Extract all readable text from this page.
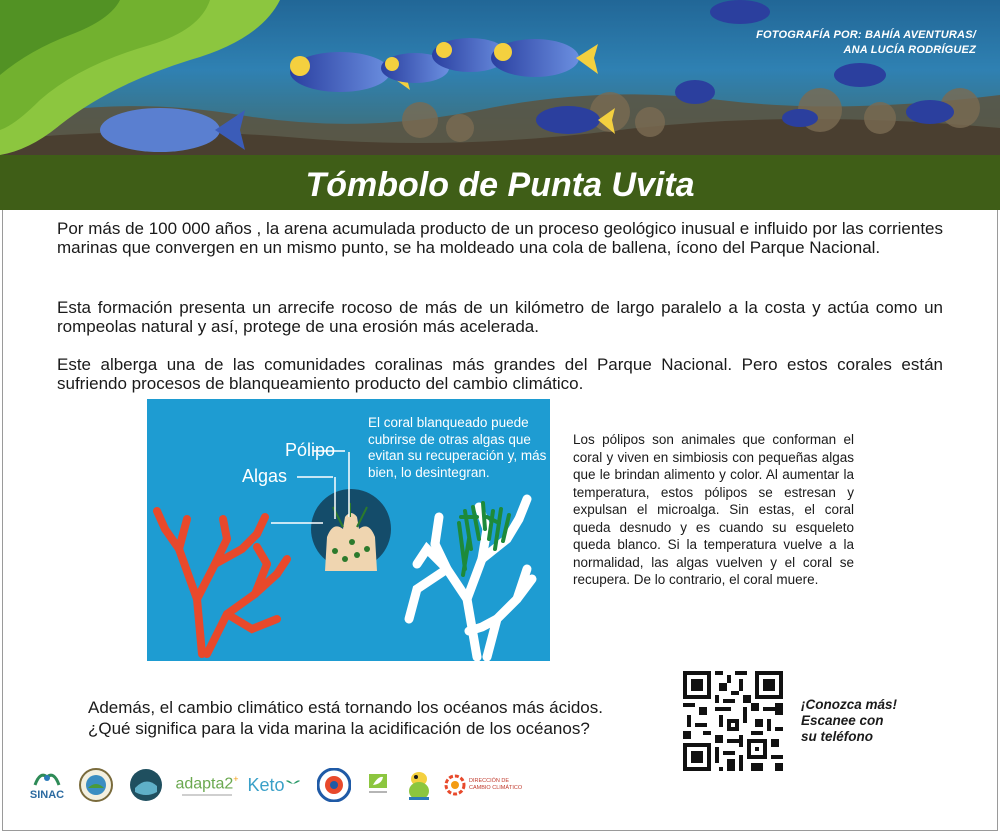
FOTOGRAFÍA POR: BAHÍA AVENTURAS/
ANA LUCÍA RODRÍGUEZ
Tómbolo de Punta Uvita

Por más de 100 000 años , la arena acumulada producto de un proceso geológico inusual e influido por las corrientes marinas que convergen en un mismo punto, se ha moldeado una cola de ballena, ícono del Parque Nacional.

Esta formación presenta un arrecife rocoso de más de un kilómetro de largo paralelo a la costa y actúa como un rompeolas natural y así, protege de una erosión más acelerada.

Este alberga una de las comunidades coralinas más grandes del Parque Nacional. Pero estos corales están sufriendo procesos de blanqueamiento producto del cambio climático.

Pólipo
Algas
El coral blanqueado puede cubrirse de otras algas que evitan su recuperación y, más bien, lo desintegran.

Los pólipos son animales que conforman el coral y viven en simbiosis con pequeñas algas que le brindan alimento y color. Al aumentar la temperatura, estos pólipos se estresan y expulsan el microalga. Sin estas, el coral queda desnudo y es cuando su esqueleto queda blanco. Si la temperatura vuelve a la normalidad, las algas vuelven y el coral se recupera. De lo contrario, el coral muere.

Además, el cambio climático está tornando los océanos más ácidos.
¿Qué significa para la vida marina la acidificación de los océanos?
¡Conozca más!
Escanee con
su teléfono
SINAC
adapta2+ Keto	DIRECCIÓN DE
CAMBIO CLIMÁTICO
